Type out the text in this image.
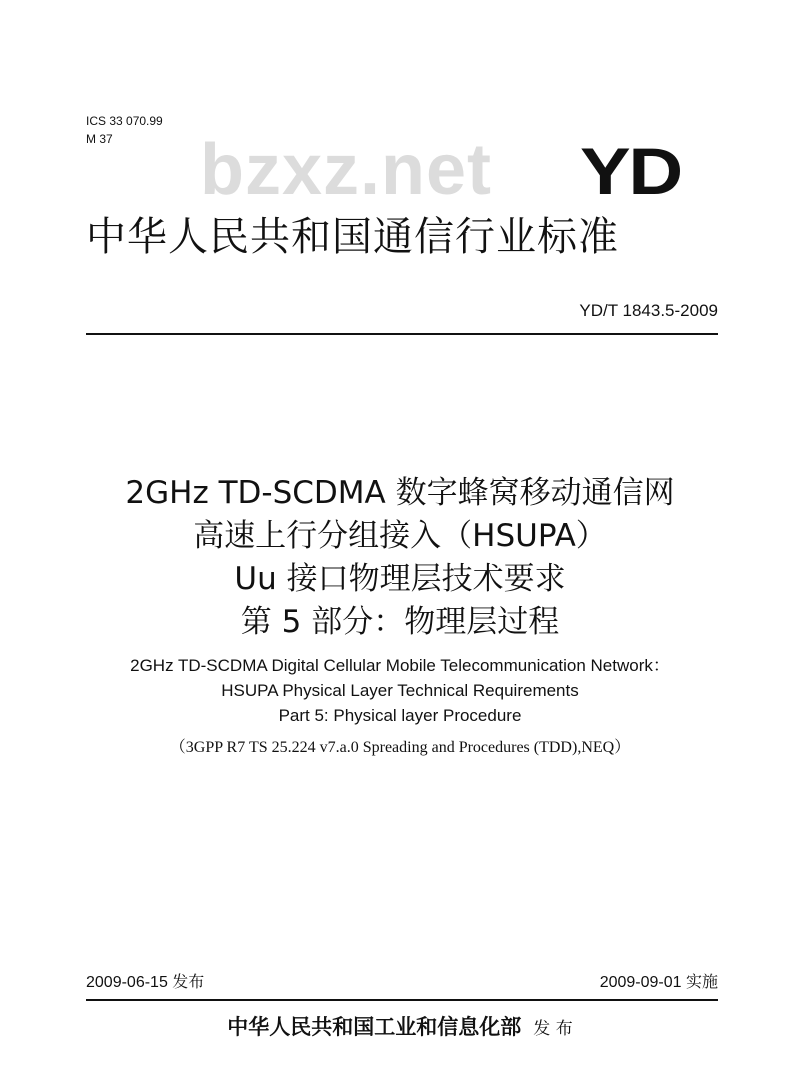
ICS 33 070.99
M 37	bzxz.net YD
中华人民共和国通信行业标准
YD/T 1843.5-2009
2GHz TD-SCDMA 数字蜂窝移动通信网
高速上行分组接入（HSUPA）
Uu 接口物理层技术要求
第 5 部分：物理层过程
2GHz TD-SCDMA Digital Cellular Mobile Telecommunication Network：
HSUPA Physical Layer Technical Requirements
Part 5: Physical layer Procedure
（3GPP R7 TS 25.224 v7.a.0 Spreading and Procedures (TDD),NEQ）
2009-06-15 发布	2009-09-01 实施
中华人民共和国工业和信息化部 发 布
